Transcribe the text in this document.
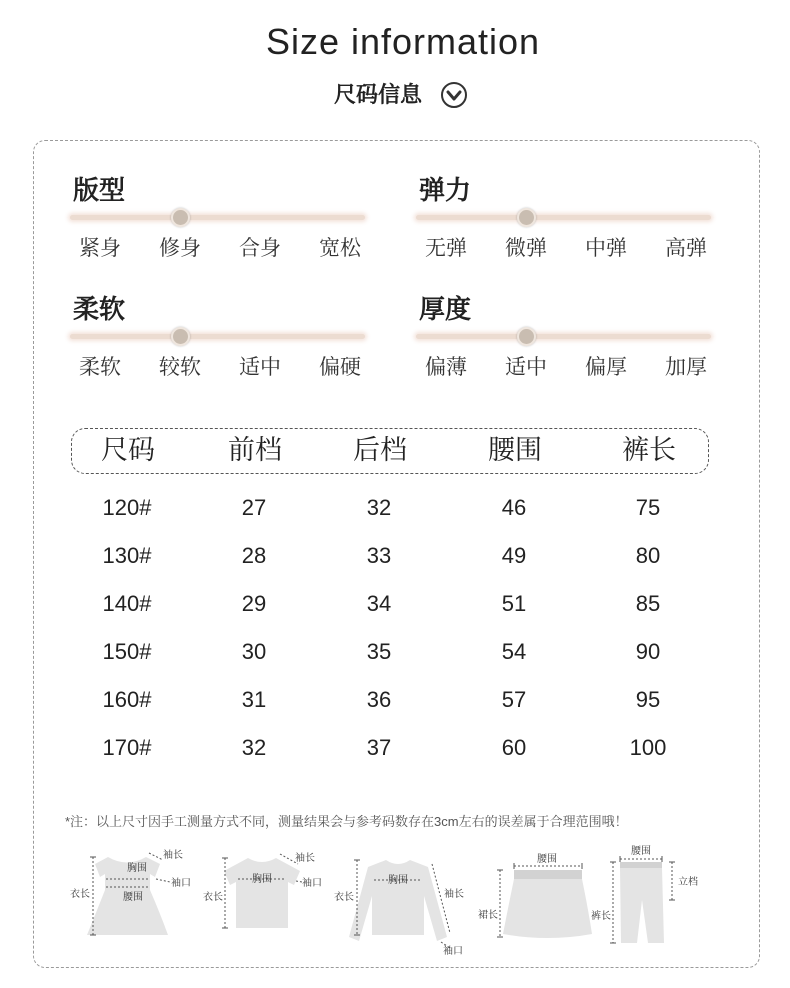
Size information
尺码信息
版型
紧身	修身	合身	宽松
弹力
无弹	微弹	中弹	高弹
柔软
柔软	较软	适中	偏硬
厚度
偏薄	适中	偏厚	加厚
尺码	前档	后档	腰围	裤长
120#	27	32	46	75
130#	28	33	49	80
140#	29	34	51	85
150#	30	35	54	90
160#	31	36	57	95
170#	32	37	60	100
*注：以上尺寸因手工测量方式不同，测量结果会与参考码数存在3cm左右的误差属于合理范围哦！
胸围
腰围
袖长
袖口
衣长
胸围
袖长
袖口
衣长
胸围
袖长
袖口
衣长
腰围
裙长
腰围
立档
裤长
